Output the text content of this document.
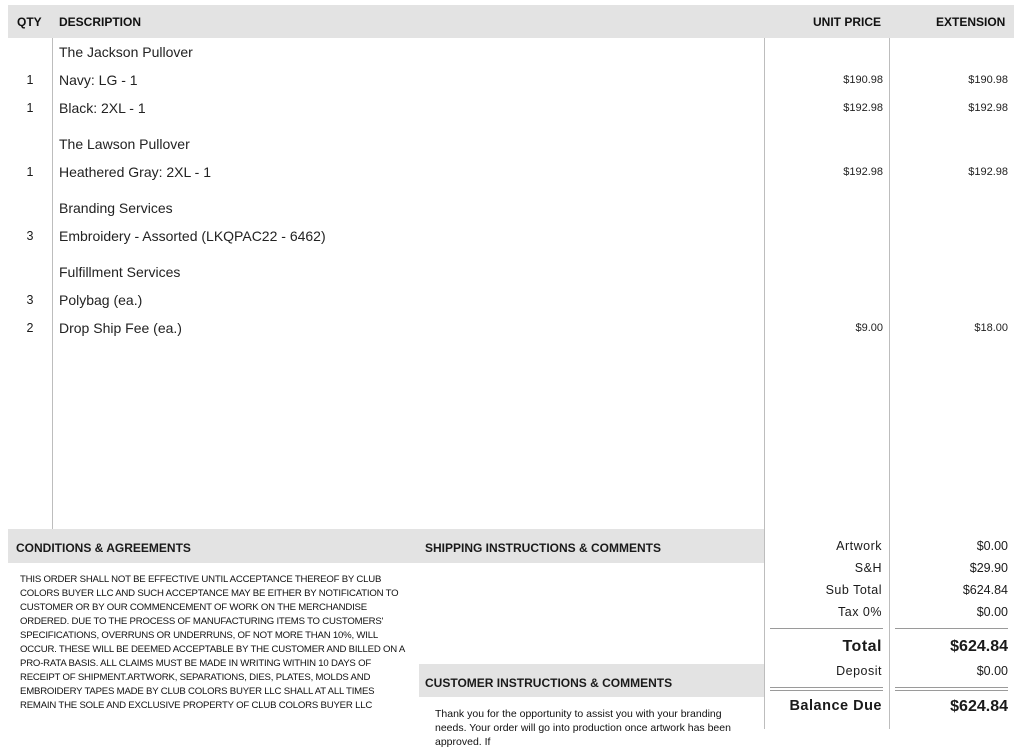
QTY DESCRIPTION	UNIT PRICE	EXTENSION
The Jackson Pullover
1	Navy: LG - 1	$190.98	$190.98
1	Black: 2XL - 1	$192.98	$192.98
The Lawson Pullover
1	Heathered Gray: 2XL - 1	$192.98	$192.98
Branding Services
3	Embroidery - Assorted (LKQPAC22 - 6462)
Fulfillment Services
3	Polybag (ea.)
2	Drop Ship Fee (ea.)	$9.00	$18.00
CONDITIONS & AGREEMENTS	SHIPPING INSTRUCTIONS & COMMENTS
CUSTOMER INSTRUCTIONS & COMMENTS
THIS ORDER SHALL NOT BE EFFECTIVE UNTIL ACCEPTANCE THEREOF BY CLUB COLORS BUYER LLC AND SUCH ACCEPTANCE MAY BE EITHER BY NOTIFICATION TO CUSTOMER OR BY OUR COMMENCEMENT OF WORK ON THE MERCHANDISE ORDERED. DUE TO THE PROCESS OF MANUFACTURING ITEMS TO CUSTOMERS' SPECIFICATIONS, OVERRUNS OR UNDERRUNS, OF NOT MORE THAN 10%, WILL OCCUR. THESE WILL BE DEEMED ACCEPTABLE BY THE CUSTOMER AND BILLED ON A PRO-RATA BASIS. ALL CLAIMS MUST BE MADE IN WRITING WITHIN 10 DAYS OF RECEIPT OF SHIPMENT.ARTWORK, SEPARATIONS, DIES, PLATES, MOLDS AND EMBROIDERY TAPES MADE BY CLUB COLORS BUYER LLC SHALL AT ALL TIMES REMAIN THE SOLE AND EXCLUSIVE PROPERTY OF CLUB COLORS BUYER LLC
Thank you for the opportunity to assist you with your branding needs. Your order will go into production once artwork has been approved. If
Artwork	$0.00
S&H	$29.90
Sub Total	$624.84
Tax 0%	$0.00
Total	$624.84
Deposit	$0.00
Balance Due	$624.84
